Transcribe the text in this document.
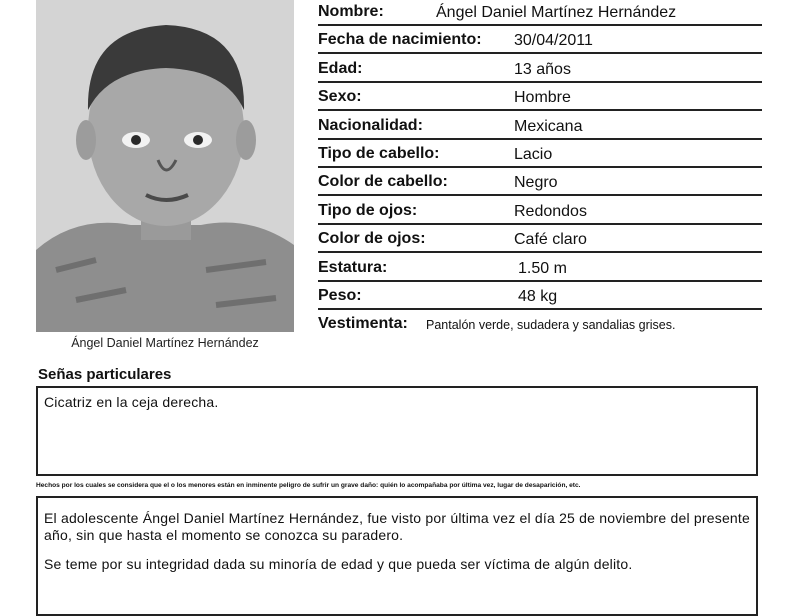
Ángel Daniel Martínez Hernández
Nombre:	Ángel Daniel Martínez Hernández
Fecha de nacimiento: 30/04/2011
Edad:	13 años
Sexo:	Hombre
Nacionalidad:	Mexicana
Tipo de cabello:	Lacio
Color de cabello:	Negro
Tipo de ojos:	Redondos
Color de ojos:	Café claro
Estatura:	1.50 m
Peso:	48 kg
Vestimenta: Pantalón verde, sudadera y sandalias grises.
Señas particulares
Cicatriz en la ceja derecha.
Hechos por los cuales se considera que el o los menores están en inminente peligro de sufrir un grave daño: quién lo acompañaba por última vez, lugar de desaparición, etc.

El adolescente Ángel Daniel Martínez Hernández, fue visto por última vez el día 25 de noviembre del presente año, sin que hasta el momento se conozca su paradero.

Se teme por su integridad dada su minoría de edad y que pueda ser víctima de algún delito.
